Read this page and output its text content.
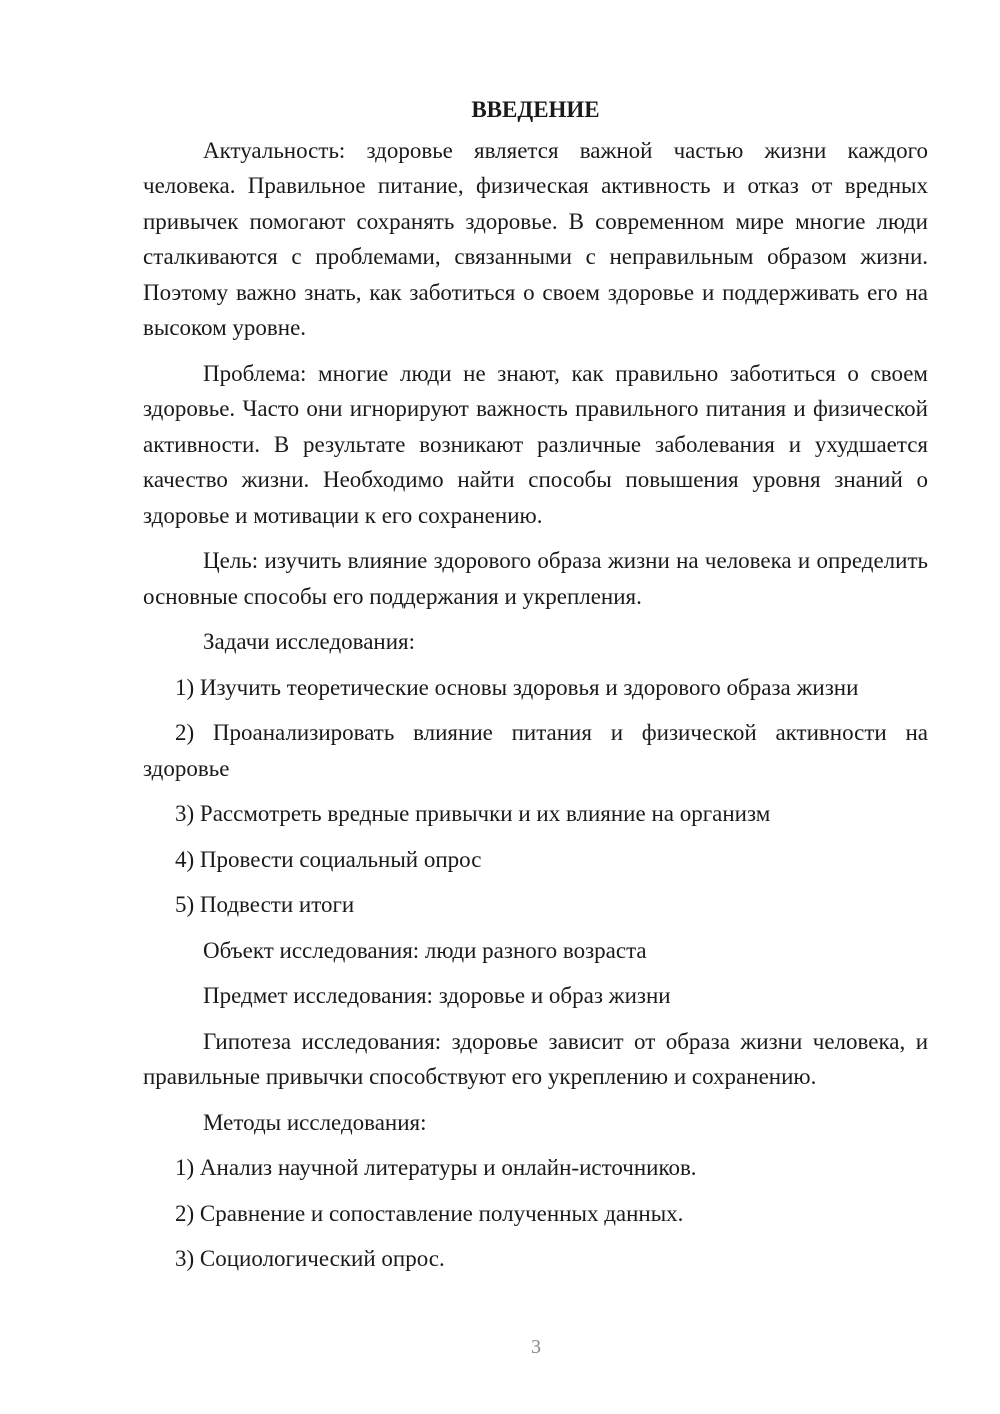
ВВЕДЕНИЕ

Актуальность: здоровье является важной частью жизни каждого человека. Правильное питание, физическая активность и отказ от вредных привычек помогают сохранять здоровье. В современном мире многие люди сталкиваются с проблемами, связанными с неправильным образом жизни. Поэтому важно знать, как заботиться о своем здоровье и поддерживать его на высоком уровне.

Проблема: многие люди не знают, как правильно заботиться о своем здоровье. Часто они игнорируют важность правильного питания и физической активности. В результате возникают различные заболевания и ухудшается качество жизни. Необходимо найти способы повышения уровня знаний о здоровье и мотивации к его сохранению.

Цель: изучить влияние здорового образа жизни на человека и определить основные способы его поддержания и укрепления.

Задачи исследования:

1) Изучить теоретические основы здоровья и здорового образа жизни

2) Проанализировать влияние питания и физической активности на здоровье

3) Рассмотреть вредные привычки и их влияние на организм

4) Провести социальный опрос

5) Подвести итоги

Объект исследования: люди разного возраста

Предмет исследования: здоровье и образ жизни

Гипотеза исследования: здоровье зависит от образа жизни человека, и правильные привычки способствуют его укреплению и сохранению.

Методы исследования:

1) Анализ научной литературы и онлайн-источников.

2) Сравнение и сопоставление полученных данных.

3) Социологический опрос.

3
